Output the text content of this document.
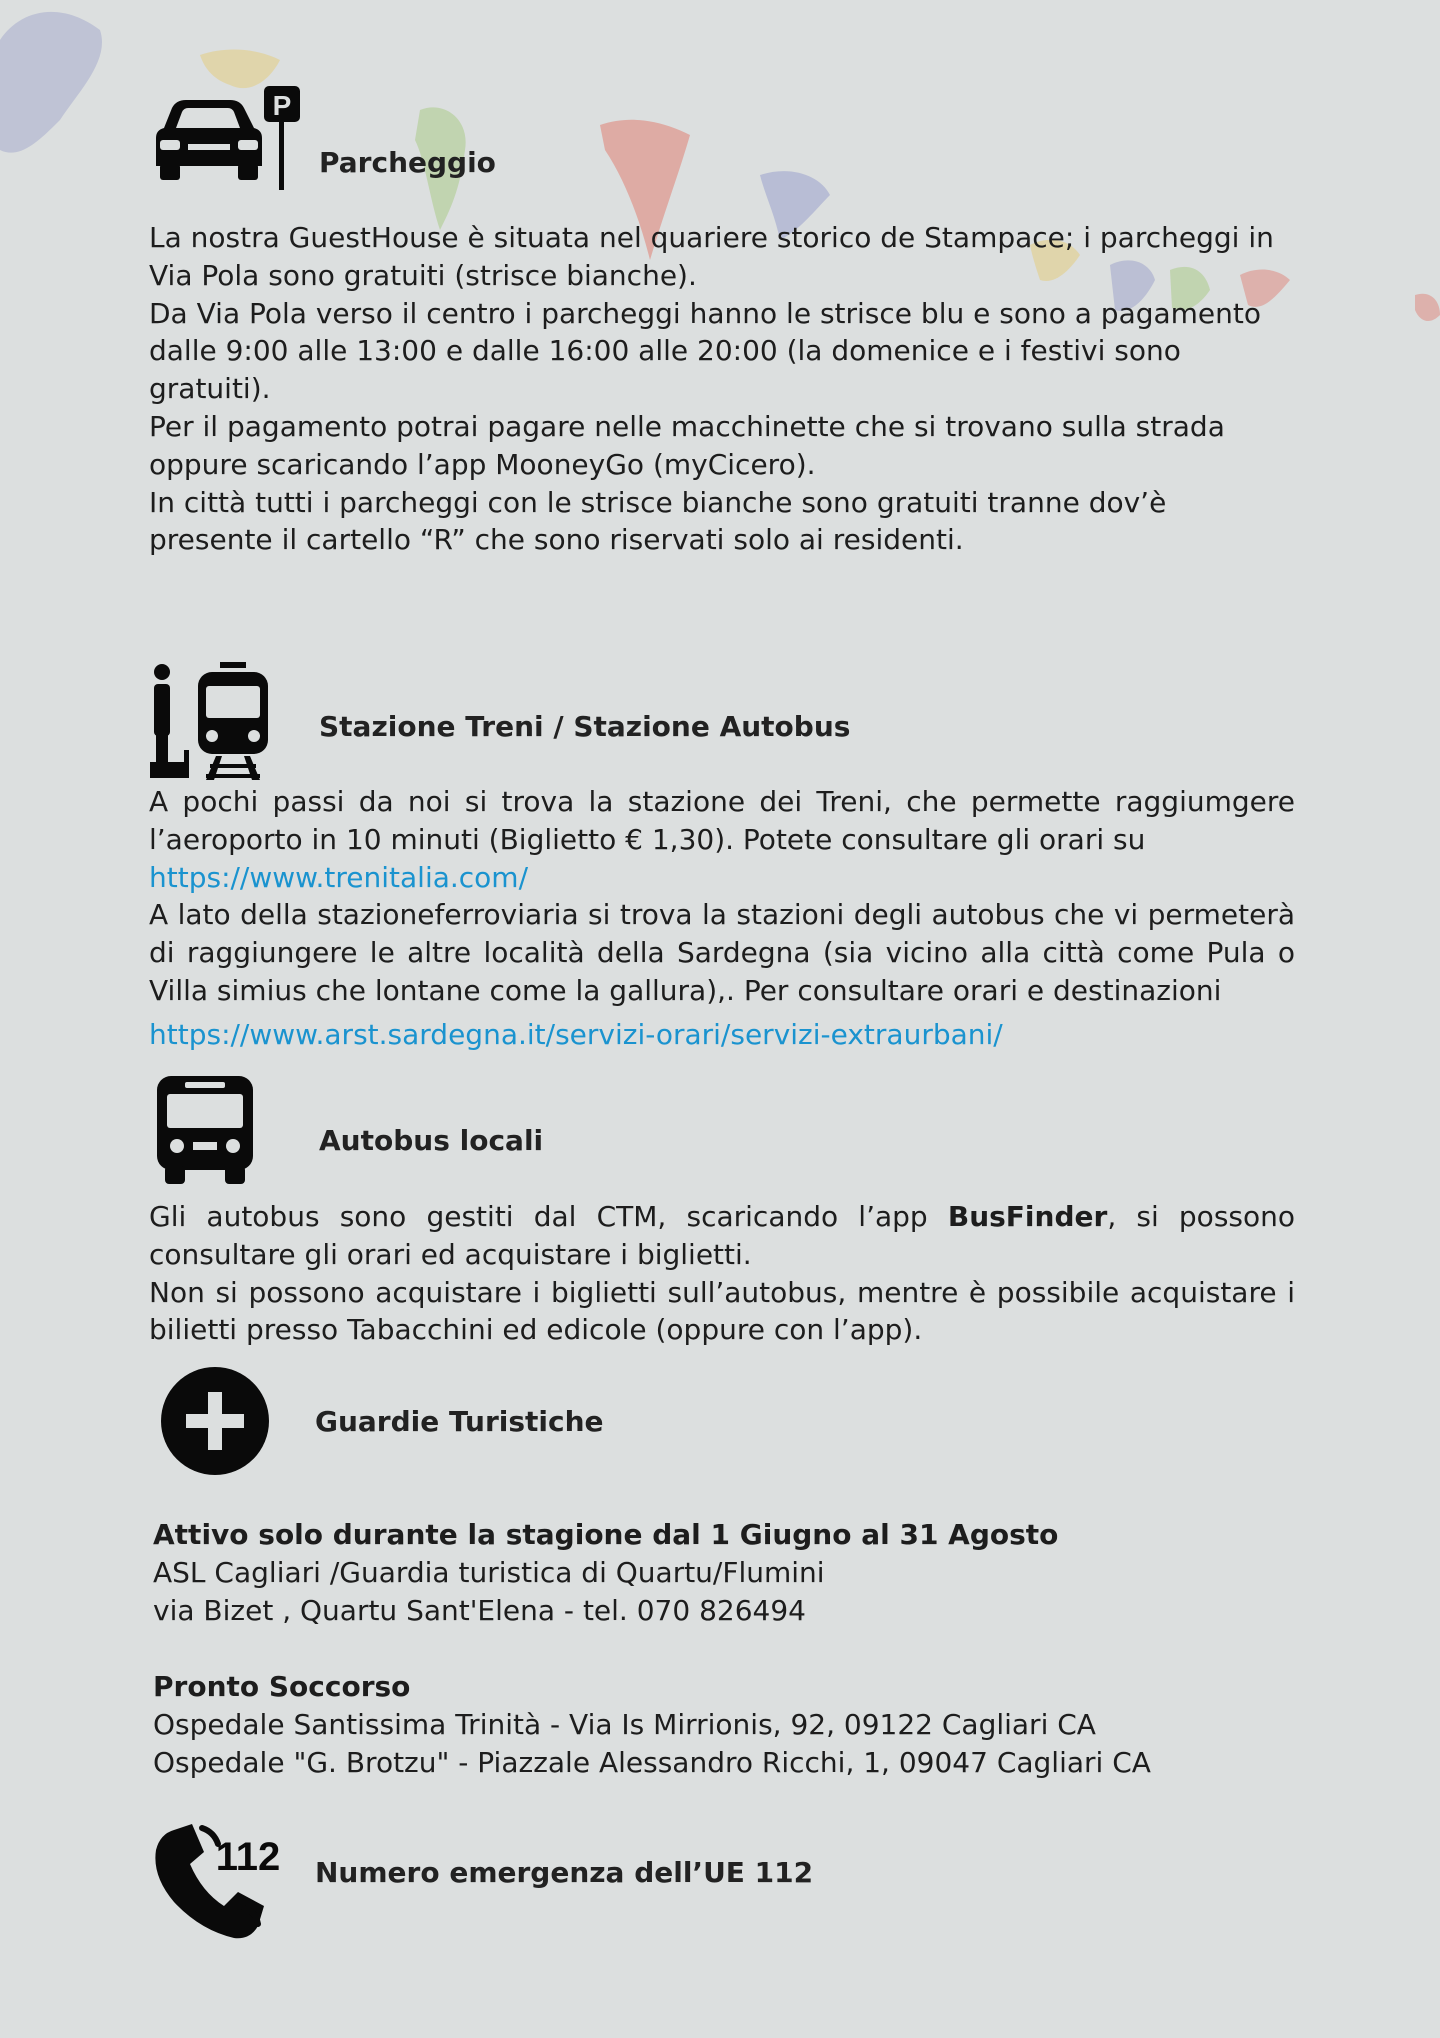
P
Parcheggio

La nostra GuestHouse è situata nel quariere storico de Stampace; i parcheggi in Via Pola sono gratuiti (strisce bianche).

Da Via Pola verso il centro i parcheggi hanno le strisce blu e sono a pagamento dalle 9:00 alle 13:00 e dalle 16:00 alle 20:00 (la domenice e i festivi sono gratuiti).

Per il pagamento potrai pagare nelle macchinette che si trovano sulla strada oppure scaricando l’app MooneyGo (myCicero).

In città tutti i parcheggi con le strisce bianche sono gratuiti tranne dov’è presente il cartello “R” che sono riservati solo ai residenti.

Stazione Treni / Stazione Autobus

A pochi passi da noi si trova la stazione dei Treni, che permette raggiumgere l’aeroporto in 10 minuti (Biglietto € 1,30). Potete consultare gli orari su

https://www.trenitalia.com/

A lato della stazioneferroviaria si trova la stazioni degli autobus che vi permeterà di raggiungere le altre località della Sardegna (sia vicino alla città come Pula o Villa simius che lontane come la gallura),. Per consultare orari e destinazioni

https://www.arst.sardegna.it/servizi-orari/servizi-extraurbani/
Autobus locali

Gli autobus sono gestiti dal CTM, scaricando l’app BusFinder, si possono consultare gli orari ed acquistare i biglietti.

Non si possono acquistare i biglietti sull’autobus, mentre è possibile acquistare i bilietti presso Tabacchini ed edicole (oppure con l’app).

Guardie Turistiche

Attivo solo durante la stagione dal 1 Giugno al 31 Agosto

ASL Cagliari /Guardia turistica di Quartu/Flumini

via Bizet , Quartu Sant'Elena - tel. 070 826494

Pronto Soccorso

Ospedale Santissima Trinità - Via Is Mirrionis, 92, 09122 Cagliari CA

Ospedale "G. Brotzu" - Piazzale Alessandro Ricchi, 1, 09047 Cagliari CA

112 Numero emergenza dell’UE 112
